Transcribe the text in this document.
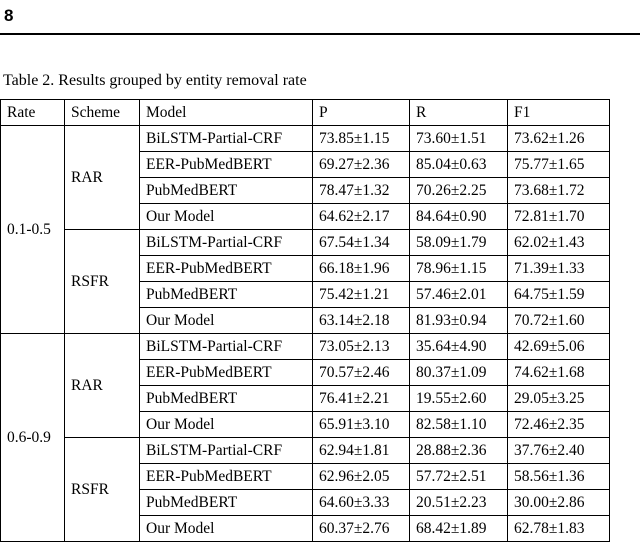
8

Table 2. Results grouped by entity removal rate

Rate	Scheme	Model	P	R	F1
0.1-0.5	RAR	BiLSTM-Partial-CRF	73.85±1.15	73.60±1.51	73.62±1.26
		EER-PubMedBERT	69.27±2.36	85.04±0.63	75.77±1.65
		PubMedBERT	78.47±1.32	70.26±2.25	73.68±1.72
		Our Model	64.62±2.17	84.64±0.90	72.81±1.70
	RSFR	BiLSTM-Partial-CRF	67.54±1.34	58.09±1.79	62.02±1.43
		EER-PubMedBERT	66.18±1.96	78.96±1.15	71.39±1.33
		PubMedBERT	75.42±1.21	57.46±2.01	64.75±1.59
		Our Model	63.14±2.18	81.93±0.94	70.72±1.60
0.6-0.9	RAR	BiLSTM-Partial-CRF	73.05±2.13	35.64±4.90	42.69±5.06
		EER-PubMedBERT	70.57±2.46	80.37±1.09	74.62±1.68
		PubMedBERT	76.41±2.21	19.55±2.60	29.05±3.25
		Our Model	65.91±3.10	82.58±1.10	72.46±2.35
	RSFR	BiLSTM-Partial-CRF	62.94±1.81	28.88±2.36	37.76±2.40
		EER-PubMedBERT	62.96±2.05	57.72±2.51	58.56±1.36
		PubMedBERT	64.60±3.33	20.51±2.23	30.00±2.86
		Our Model	60.37±2.76	68.42±1.89	62.78±1.83
